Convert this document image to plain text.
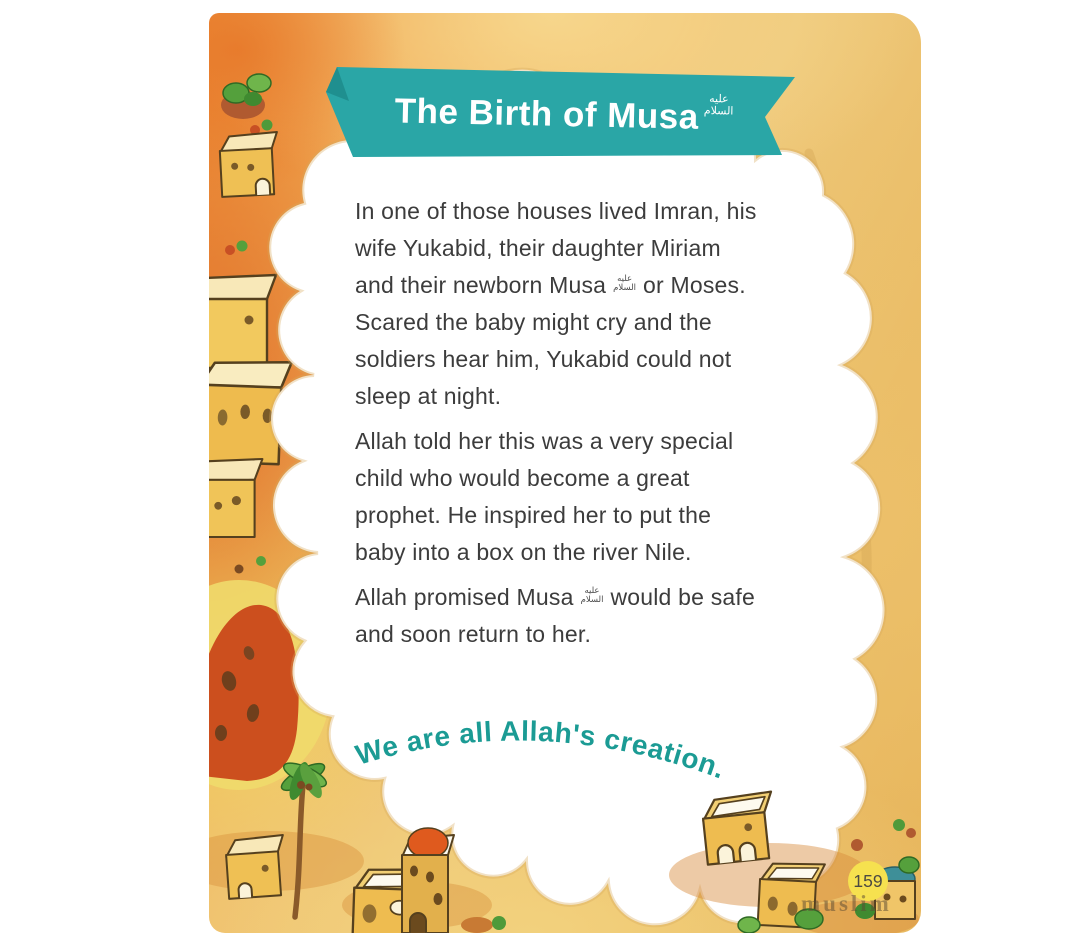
We are all Allah's creation.
159
The Birth of Musa عليه
السلام
In one of those houses lived Imran, his
wife Yukabid, their daughter Miriam
and their newborn Musa عليه
السلام or Moses.
Scared the baby might cry and the
soldiers hear him, Yukabid could not
sleep at night.
Allah told her this was a very special
child who would become a great
prophet. He inspired her to put the
baby into a box on the river Nile.
Allah promised Musa عليه
السلام would be safe
and soon return to her.
muslim
